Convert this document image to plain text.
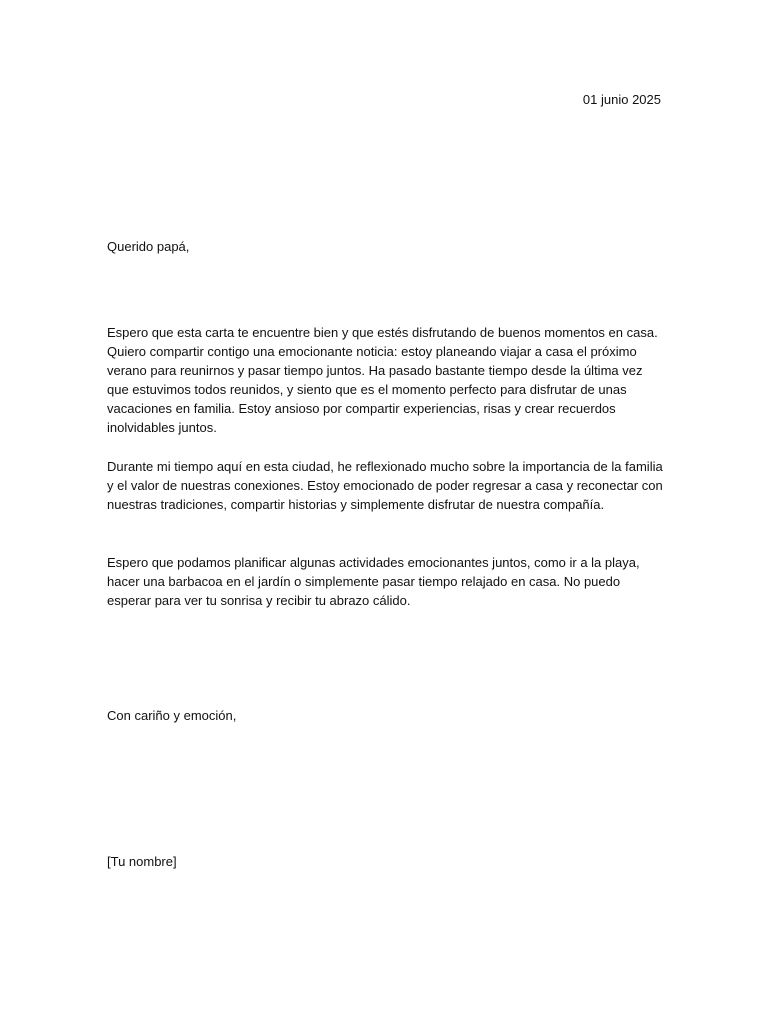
01 junio 2025

Querido papá,

Espero que esta carta te encuentre bien y que estés disfrutando de buenos momentos en casa. Quiero compartir contigo una emocionante noticia: estoy planeando viajar a casa el próximo verano para reunirnos y pasar tiempo juntos. Ha pasado bastante tiempo desde la última vez que estuvimos todos reunidos, y siento que es el momento perfecto para disfrutar de unas vacaciones en familia. Estoy ansioso por compartir experiencias, risas y crear recuerdos inolvidables juntos.

Durante mi tiempo aquí en esta ciudad, he reflexionado mucho sobre la importancia de la familia y el valor de nuestras conexiones. Estoy emocionado de poder regresar a casa y reconectar con nuestras tradiciones, compartir historias y simplemente disfrutar de nuestra compañía.

Espero que podamos planificar algunas actividades emocionantes juntos, como ir a la playa, hacer una barbacoa en el jardín o simplemente pasar tiempo relajado en casa. No puedo esperar para ver tu sonrisa y recibir tu abrazo cálido.

Con cariño y emoción,

[Tu nombre]
